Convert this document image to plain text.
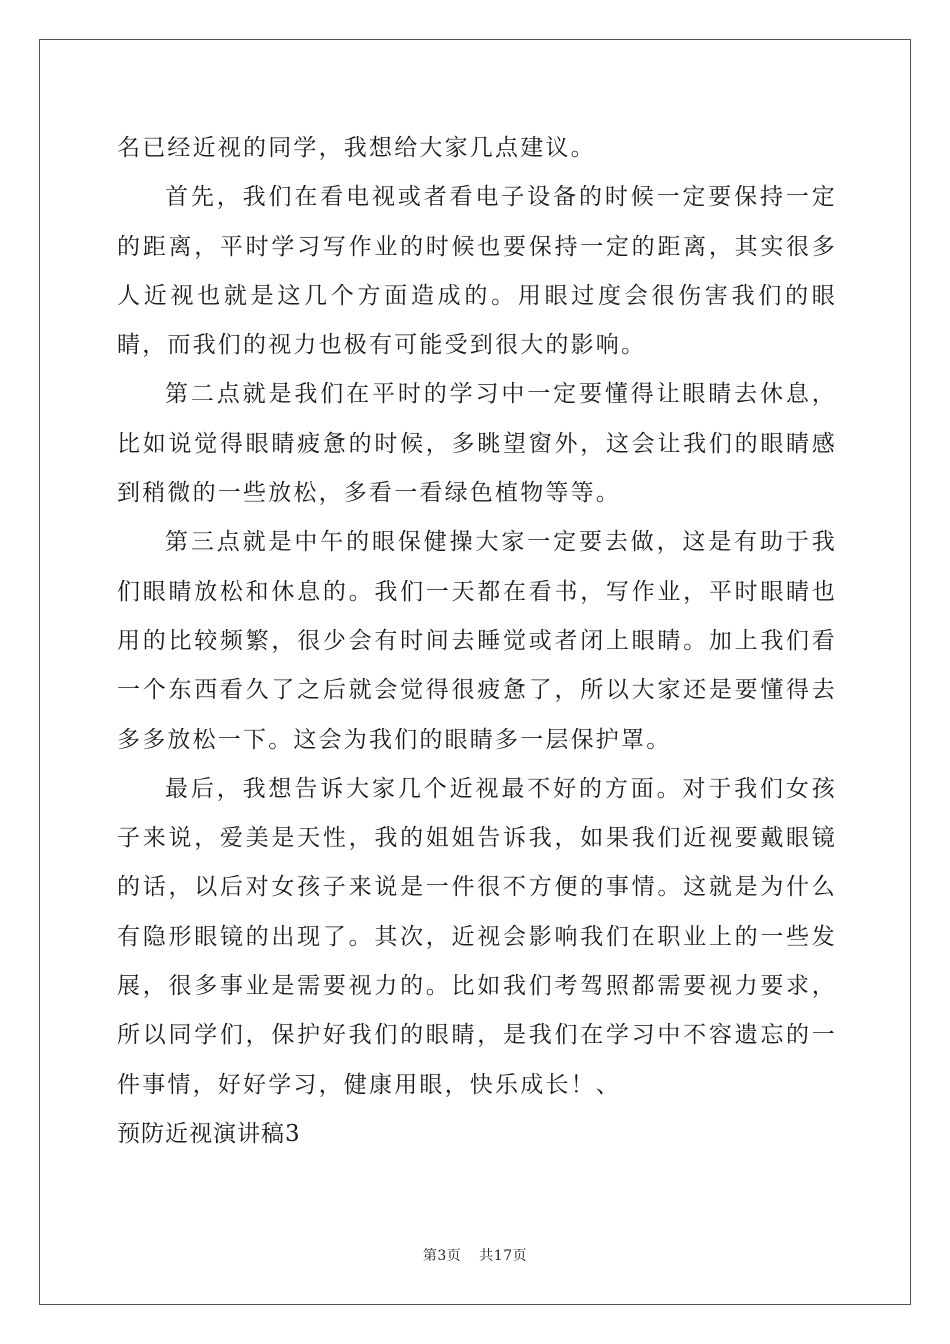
名已经近视的同学，我想给大家几点建议。

首先，我们在看电视或者看电子设备的时候一定要保持一定的距离，平时学习写作业的时候也要保持一定的距离，其实很多人近视也就是这几个方面造成的。用眼过度会很伤害我们的眼睛，而我们的视力也极有可能受到很大的影响。

第二点就是我们在平时的学习中一定要懂得让眼睛去休息，比如说觉得眼睛疲惫的时候，多眺望窗外，这会让我们的眼睛感到稍微的一些放松，多看一看绿色植物等等。

第三点就是中午的眼保健操大家一定要去做，这是有助于我们眼睛放松和休息的。我们一天都在看书，写作业，平时眼睛也用的比较频繁，很少会有时间去睡觉或者闭上眼睛。加上我们看一个东西看久了之后就会觉得很疲惫了，所以大家还是要懂得去多多放松一下。这会为我们的眼睛多一层保护罩。

最后，我想告诉大家几个近视最不好的方面。对于我们女孩子来说，爱美是天性，我的姐姐告诉我，如果我们近视要戴眼镜的话，以后对女孩子来说是一件很不方便的事情。这就是为什么有隐形眼镜的出现了。其次，近视会影响我们在职业上的一些发展，很多事业是需要视力的。比如我们考驾照都需要视力要求，所以同学们，保护好我们的眼睛，是我们在学习中不容遗忘的一件事情，好好学习，健康用眼，快乐成长！、

预防近视演讲稿3

第3页 共17页
